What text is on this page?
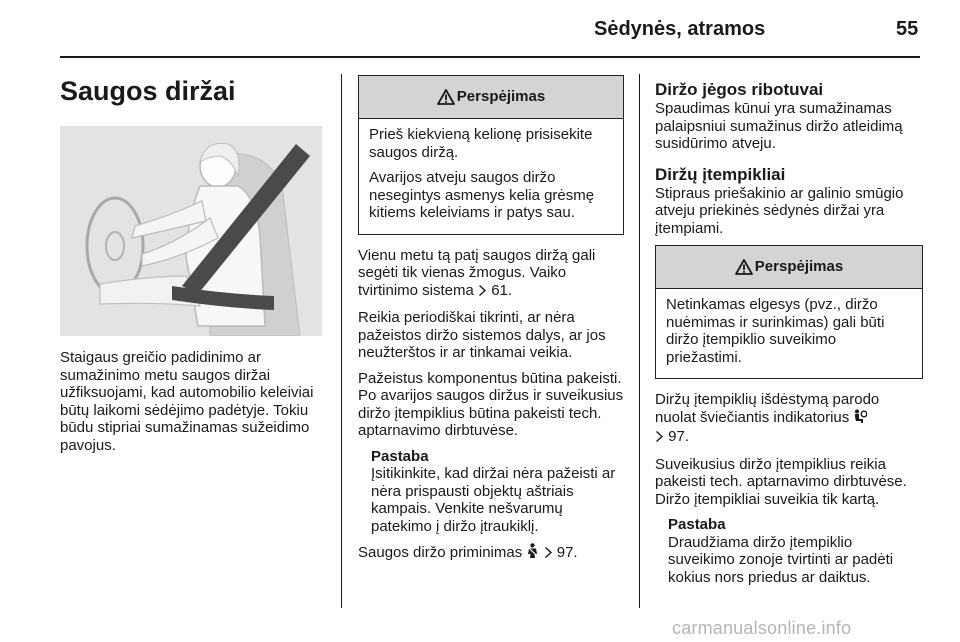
Sėdynės, atramos	55
Saugos diržai

Staigaus greičio padidinimo ar sumažinimo metu saugos diržai užfiksuojami, kad automobilio keleiviai būtų laikomi sėdėjimo padėtyje. Tokiu būdu stipriai sumažinamas sužeidimo pavojus.

Perspėjimas

Prieš kiekvieną kelionę prisisekite saugos diržą.

Avarijos atveju saugos diržo nesegintys asmenys kelia grėsmę kitiems keleiviams ir patys sau.

Vienu metu tą patį saugos diržą gali segėti tik vienas žmogus. Vaiko tvirtinimo sistema 61.

Reikia periodiškai tikrinti, ar nėra pažeistos diržo sistemos dalys, ar jos neužterštos ir ar tinkamai veikia.

Pažeistus komponentus būtina pakeisti. Po avarijos saugos diržus ir suveikusius diržo įtempiklius būtina pakeisti tech. aptarnavimo dirbtuvėse.

Pastaba
Įsitikinkite, kad diržai nėra pažeisti ar nėra prispausti objektų aštriais kampais. Venkite nešvarumų patekimo į diržo įtraukiklį.

Saugos diržo priminimas 97.

Diržo jėgos ribotuvai

Spaudimas kūnui yra sumažinamas palaipsniui sumažinus diržo atleidimą susidūrimo atveju.

Diržų įtempikliai

Stipraus priešakinio ar galinio smūgio atveju priekinės sėdynės diržai yra įtempiami.

Perspėjimas

Netinkamas elgesys (pvz., diržo nuėmimas ir surinkimas) gali būti diržo įtempiklio suveikimo priežastimi.

Diržų įtempiklių išdėstymą parodo nuolat šviečiantis indikatorius
97.

Suveikusius diržo įtempiklius reikia pakeisti tech. aptarnavimo dirbtuvėse. Diržo įtempikliai suveikia tik kartą.

Pastaba
Draudžiama diržo įtempiklio suveikimo zonoje tvirtinti ar padėti kokius nors priedus ar daiktus.
carmanualsonline.info
